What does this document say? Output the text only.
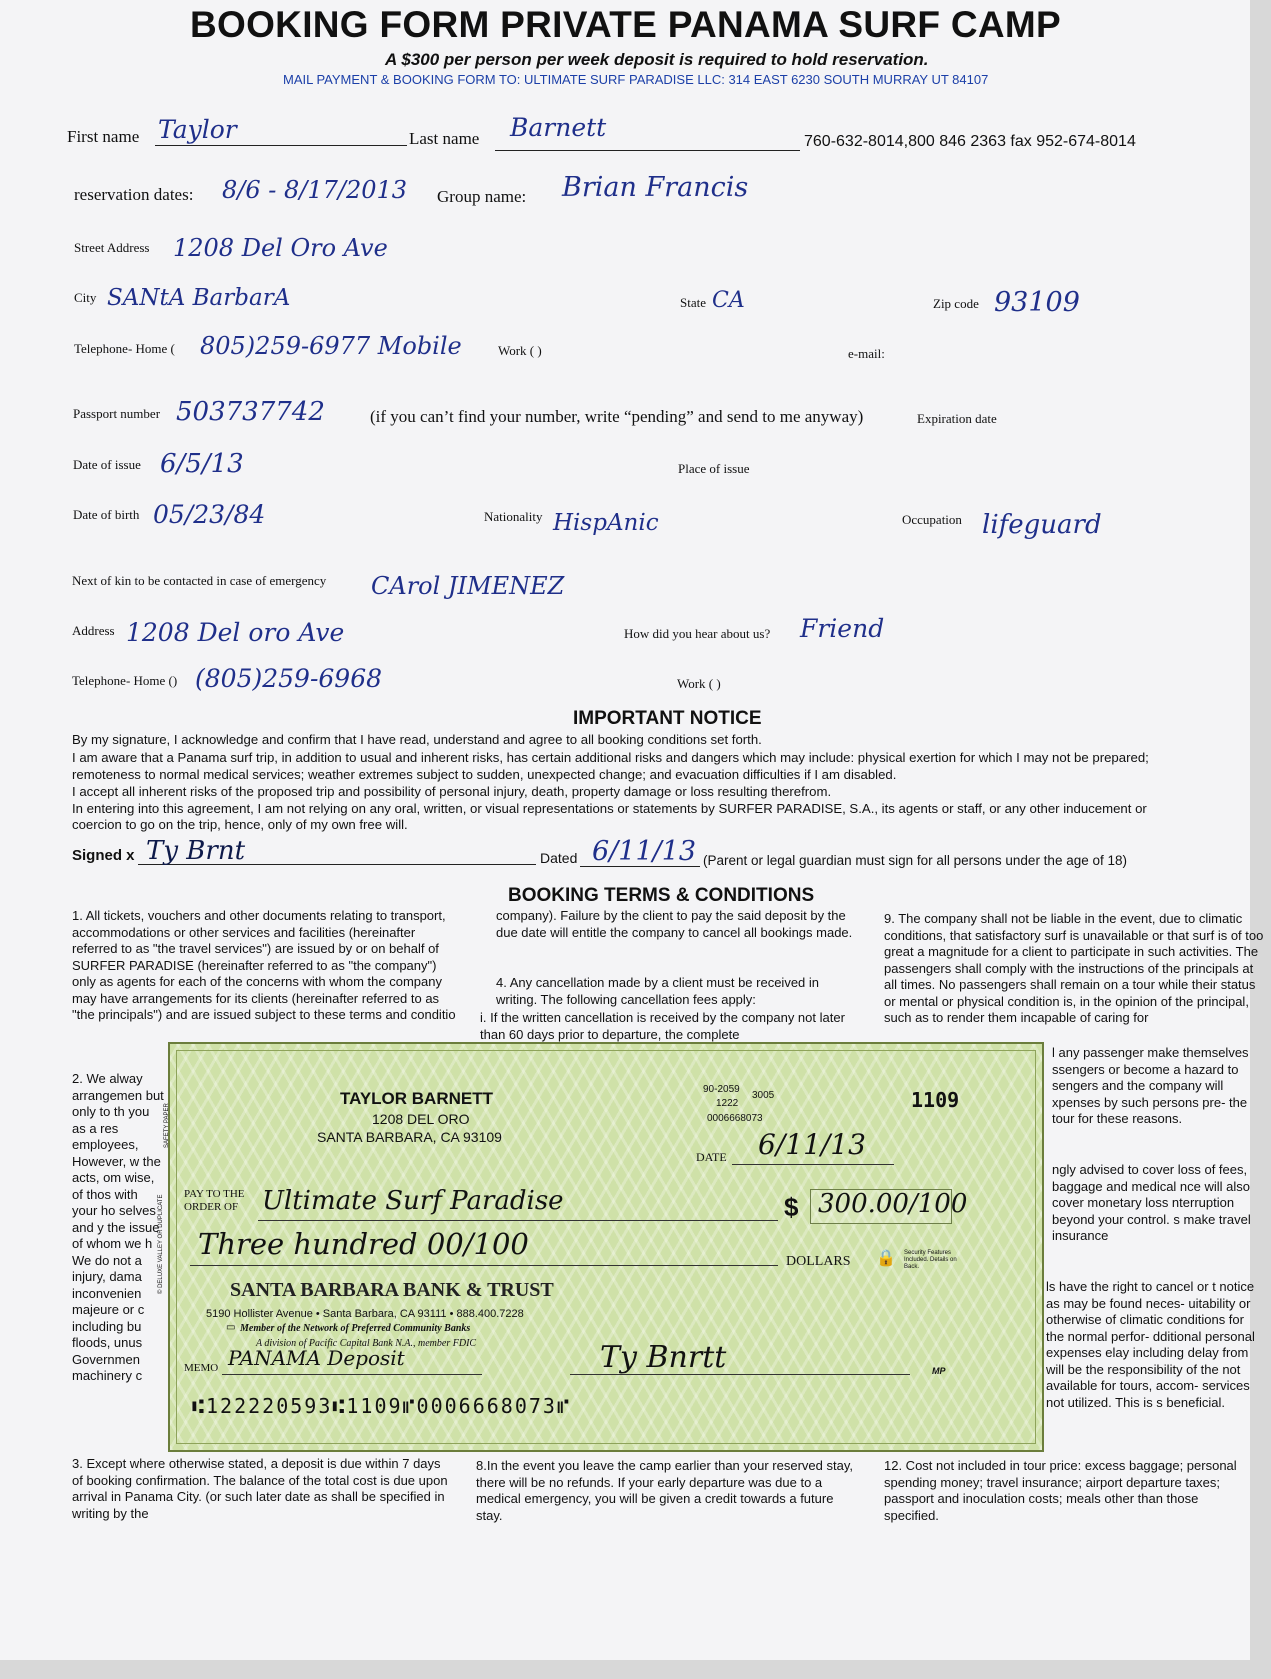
BOOKING FORM PRIVATE PANAMA SURF CAMP
A $300 per person per week deposit is required to hold reservation.
MAIL PAYMENT & BOOKING FORM TO: ULTIMATE SURF PARADISE LLC: 314 EAST 6230 SOUTH MURRAY UT 84107
First name Taylor	Last name Barnett	760-632-8014,800 846 2363 fax 952-674-8014
reservation dates: 8/6 - 8/17/2013 Group name: Brian Francis
Street Address 1208 Del Oro Ave
City SANtA BarbarA	State CA	Zip code 93109
Telephone- Home ( 805)259-6977 Mobile	Work ( )	e-mail:
Passport number 503737742	(if you can’t find your number, write “pending” and send to me anyway)	Expiration date
Date of issue 6/5/13	Place of issue
Date of birth 05/23/84	Nationality HispAnic	Occupation lifeguard
Next of kin to be contacted in case of emergency CArol JIMENEZ
Address 1208 Del oro Ave	How did you hear about us? Friend
Telephone- Home () (805)259-6968	Work ( )
IMPORTANT NOTICE
By my signature, I acknowledge and confirm that I have read, understand and agree to all booking conditions set forth.
I am aware that a Panama surf trip, in addition to usual and inherent risks, has certain additional risks and dangers which may include: physical exertion for which I may not be prepared;
remoteness to normal medical services; weather extremes subject to sudden, unexpected change; and evacuation difficulties if I am disabled.
I accept all inherent risks of the proposed trip and possibility of personal injury, death, property damage or loss resulting therefrom.
In entering into this agreement, I am not relying on any oral, written, or visual representations or statements by SURFER PARADISE, S.A., its agents or staff, or any other inducement or
coercion to go on the trip, hence, only of my own free will.
Signed x Ty Brnt	Dated 6/11/13 (Parent or legal guardian must sign for all persons under the age of 18)
BOOKING TERMS & CONDITIONS
1. All tickets, vouchers and other documents relating to transport, accommodations or other services and facilities (hereinafter referred to as "the travel services") are issued by or on behalf of SURFER PARADISE (hereinafter referred to as "the company") only as agents for each of the concerns with whom the company may have arrangements for its clients (hereinafter referred to as "the principals") and are issued subject to these terms and conditio
2. We alway arrangemen but only to th you as a res employees, However, w the acts, om wise, of thos with your ho selves and y the issue of whom we h We do not a injury, dama inconvenien majeure or c including bu floods, unus Governmen machinery c
company). Failure by the client to pay the said deposit by the due date will entitle the company to cancel all bookings made.
4. Any cancellation made by a client must be received in writing. The following cancellation fees apply:
i. If the written cancellation is received by the company not later than 60 days prior to departure, the complete
9. The company shall not be liable in the event, due to climatic conditions, that satisfactory surf is unavailable or that surf is of too great a magnitude for a client to participate in such activities. The passengers shall comply with the instructions of the principals at all times. No passengers shall remain on a tour while their status or mental or physical condition is, in the opinion of the principal, such as to render them incapable of caring for
l any passenger make themselves ssengers or become a hazard to sengers and the company will xpenses by such persons pre- the tour for these reasons.
ngly advised to cover loss of fees, baggage and medical nce will also cover monetary loss nterruption beyond your control. s make travel insurance
ls have the right to cancel or t notice as may be found neces- uitability or otherwise of climatic conditions for the normal perfor- dditional personal expenses elay including delay from will be the responsibility of the not available for tours, accom- services not utilized. This is s beneficial.
3. Except where otherwise stated, a deposit is due within 7 days of booking confirmation. The balance of the total cost is due upon arrival in Panama City. (or such later date as shall be specified in writing by the
8.In the event you leave the camp earlier than your reserved stay, there will be no refunds. If your early departure was due to a medical emergency, you will be given a credit towards a future stay.
12. Cost not included in tour price: excess baggage; personal spending money; travel insurance; airport departure taxes; passport and inoculation costs; meals other than those specified.
TAYLOR BARNETT
1208 DEL ORO
SANTA BARBARA, CA 93109
90-2059
1222
3005
0006668073
1109
DATE 6/11/13
PAY TO THE
ORDER OF Ultimate Surf Paradise	$ 300.00/100
Three hundred 00/100
DOLLARS 🔒 Security Features Included. Details on Back.
SANTA BARBARA BANK & TRUST
5190 Hollister Avenue • Santa Barbara, CA 93111 • 888.400.7228
▭ Member of the Network of Preferred Community Banks
A division of Pacific Capital Bank N.A., member FDIC
MEMO PANAMA Deposit	Ty Bnrtt	MP
⑆122220593⑆1109⑈0006668073⑈
© DELUXE VALLEY OR DUPLICATE
SAFETY PAPER
